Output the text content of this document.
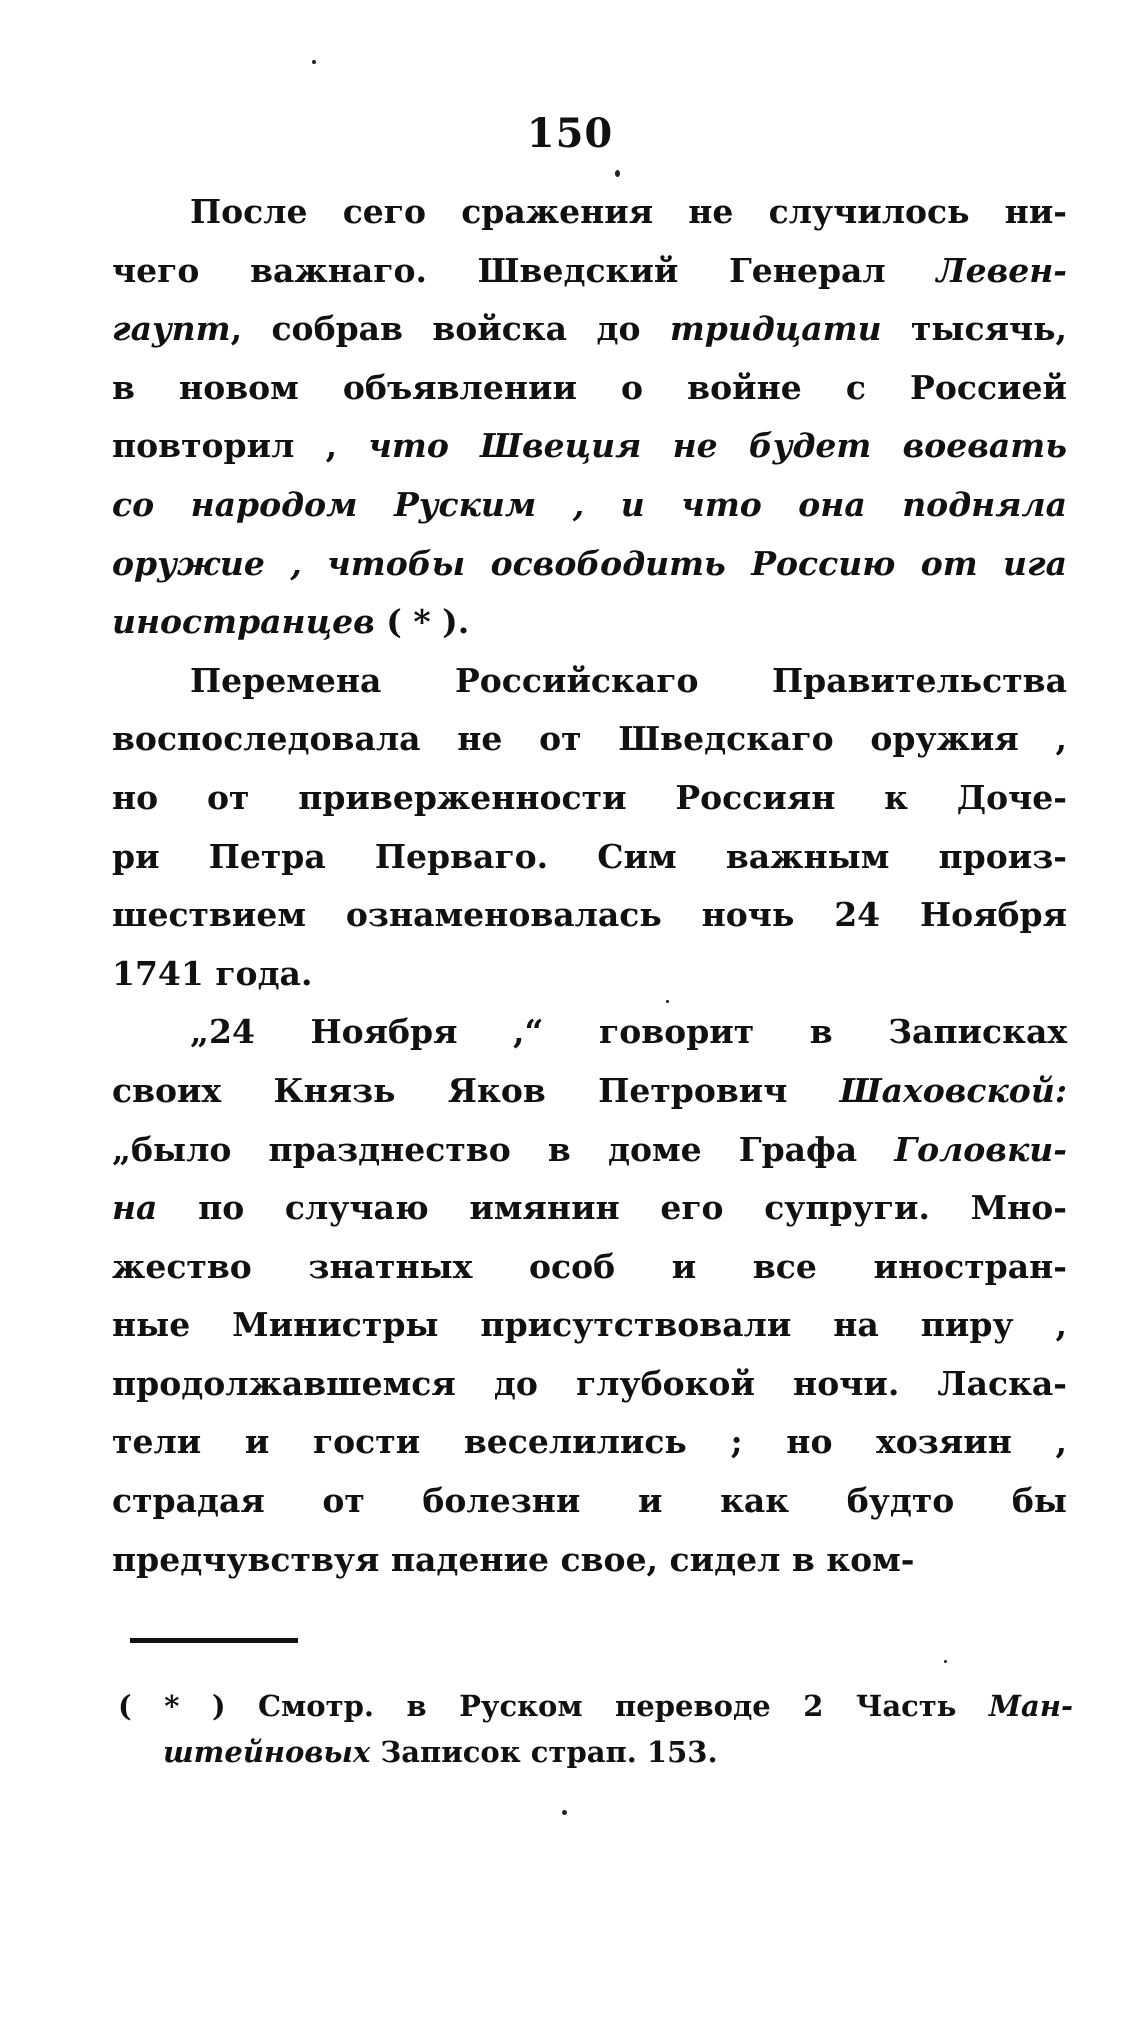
150
После сего сражения не случилось ни-
чего важнаго. Шведский Генерал Левен-
гаупт, собрав войска до тридцати тысячь,
в новом объявлении о войне с Россией
повторил , что Швеция не будет воевать
со народом Руским , и что она подняла
оружие , чтобы освободить Россию от ига
иностранцев ( * ).
Перемена Российскаго Правительства
воспоследовала не от Шведскаго оружия ,
но от приверженности Россиян к Доче-
ри Петра Перваго. Сим важным произ-
шествием ознаменовалась ночь 24 Ноября
1741 года.
„24 Ноября ,“ говорит в Записках
своих Князь Яков Петрович Шаховской:
„было празднество в доме Графа Головки-
на по случаю имянин его супруги. Мно-
жество знатных особ и все иностран-
ные Министры присутствовали на пиру ,
продолжавшемся до глубокой ночи. Ласка-
тели и гости веселились ; но хозяин ,
страдая от болезни и как будто бы
предчувствуя падение свое, сидел в ком-
( * ) Смотр. в Руском переводе 2 Часть Ман-
штейновых Записок страп. 153.
